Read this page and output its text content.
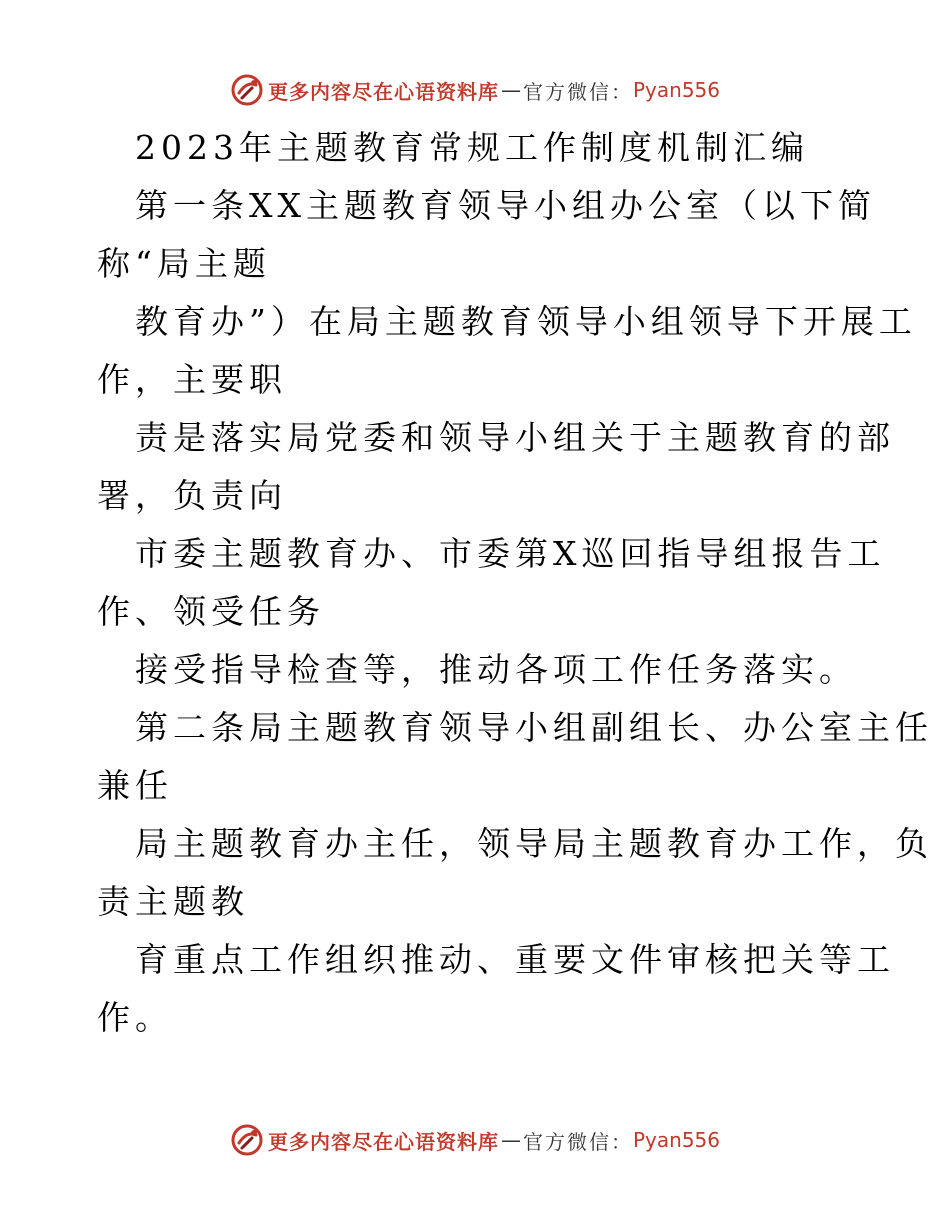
更多内容尽在心语资料库 — 官方微信： Pyan556
2023年主题教育常规工作制度机制汇编
第一条XX主题教育领导小组办公室（以下简
称“局主题
教育办”）在局主题教育领导小组领导下开展工
作，主要职
责是落实局党委和领导小组关于主题教育的部
署，负责向
市委主题教育办、市委第X巡回指导组报告工
作、领受任务
接受指导检查等，推动各项工作任务落实。
第二条局主题教育领导小组副组长、办公室主任
兼任
局主题教育办主任，领导局主题教育办工作，负
责主题教
育重点工作组织推动、重要文件审核把关等工
作。
更多内容尽在心语资料库 — 官方微信： Pyan556
